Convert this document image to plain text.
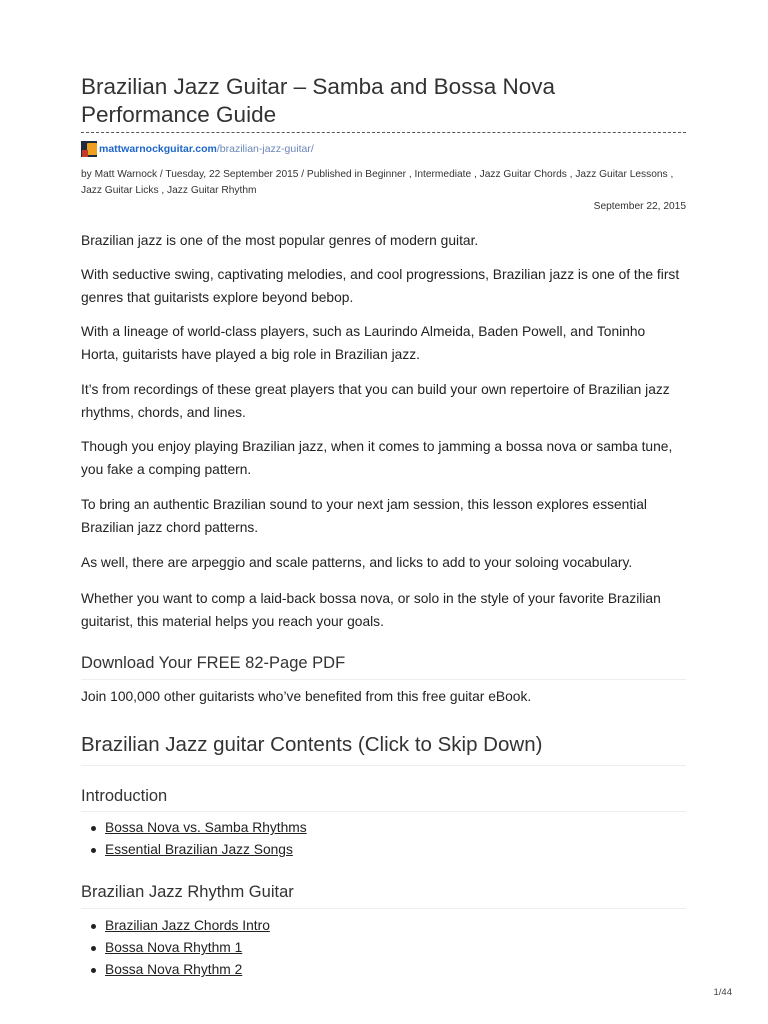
Brazilian Jazz Guitar – Samba and Bossa Nova Performance Guide
mattwarnockguitar.com /brazilian-jazz-guitar/
by Matt Warnock / Tuesday, 22 September 2015 / Published in Beginner , Intermediate , Jazz Guitar Chords , Jazz Guitar Lessons , Jazz Guitar Licks , Jazz Guitar Rhythm
September 22, 2015

Brazilian jazz is one of the most popular genres of modern guitar.

With seductive swing, captivating melodies, and cool progressions, Brazilian jazz is one of the first genres that guitarists explore beyond bebop.

With a lineage of world-class players, such as Laurindo Almeida, Baden Powell, and Toninho Horta, guitarists have played a big role in Brazilian jazz.

It’s from recordings of these great players that you can build your own repertoire of Brazilian jazz rhythms, chords, and lines.

Though you enjoy playing Brazilian jazz, when it comes to jamming a bossa nova or samba tune, you fake a comping pattern.

To bring an authentic Brazilian sound to your next jam session, this lesson explores essential Brazilian jazz chord patterns.

As well, there are arpeggio and scale patterns, and licks to add to your soloing vocabulary.

Whether you want to comp a laid-back bossa nova, or solo in the style of your favorite Brazilian guitarist, this material helps you reach your goals.

Download Your FREE 82-Page PDF

Join 100,000 other guitarists who’ve benefited from this free guitar eBook.

Brazilian Jazz guitar Contents (Click to Skip Down)
Introduction
Bossa Nova vs. Samba Rhythms
Essential Brazilian Jazz Songs
Brazilian Jazz Rhythm Guitar
Brazilian Jazz Chords Intro
Bossa Nova Rhythm 1
Bossa Nova Rhythm 2
1/44
